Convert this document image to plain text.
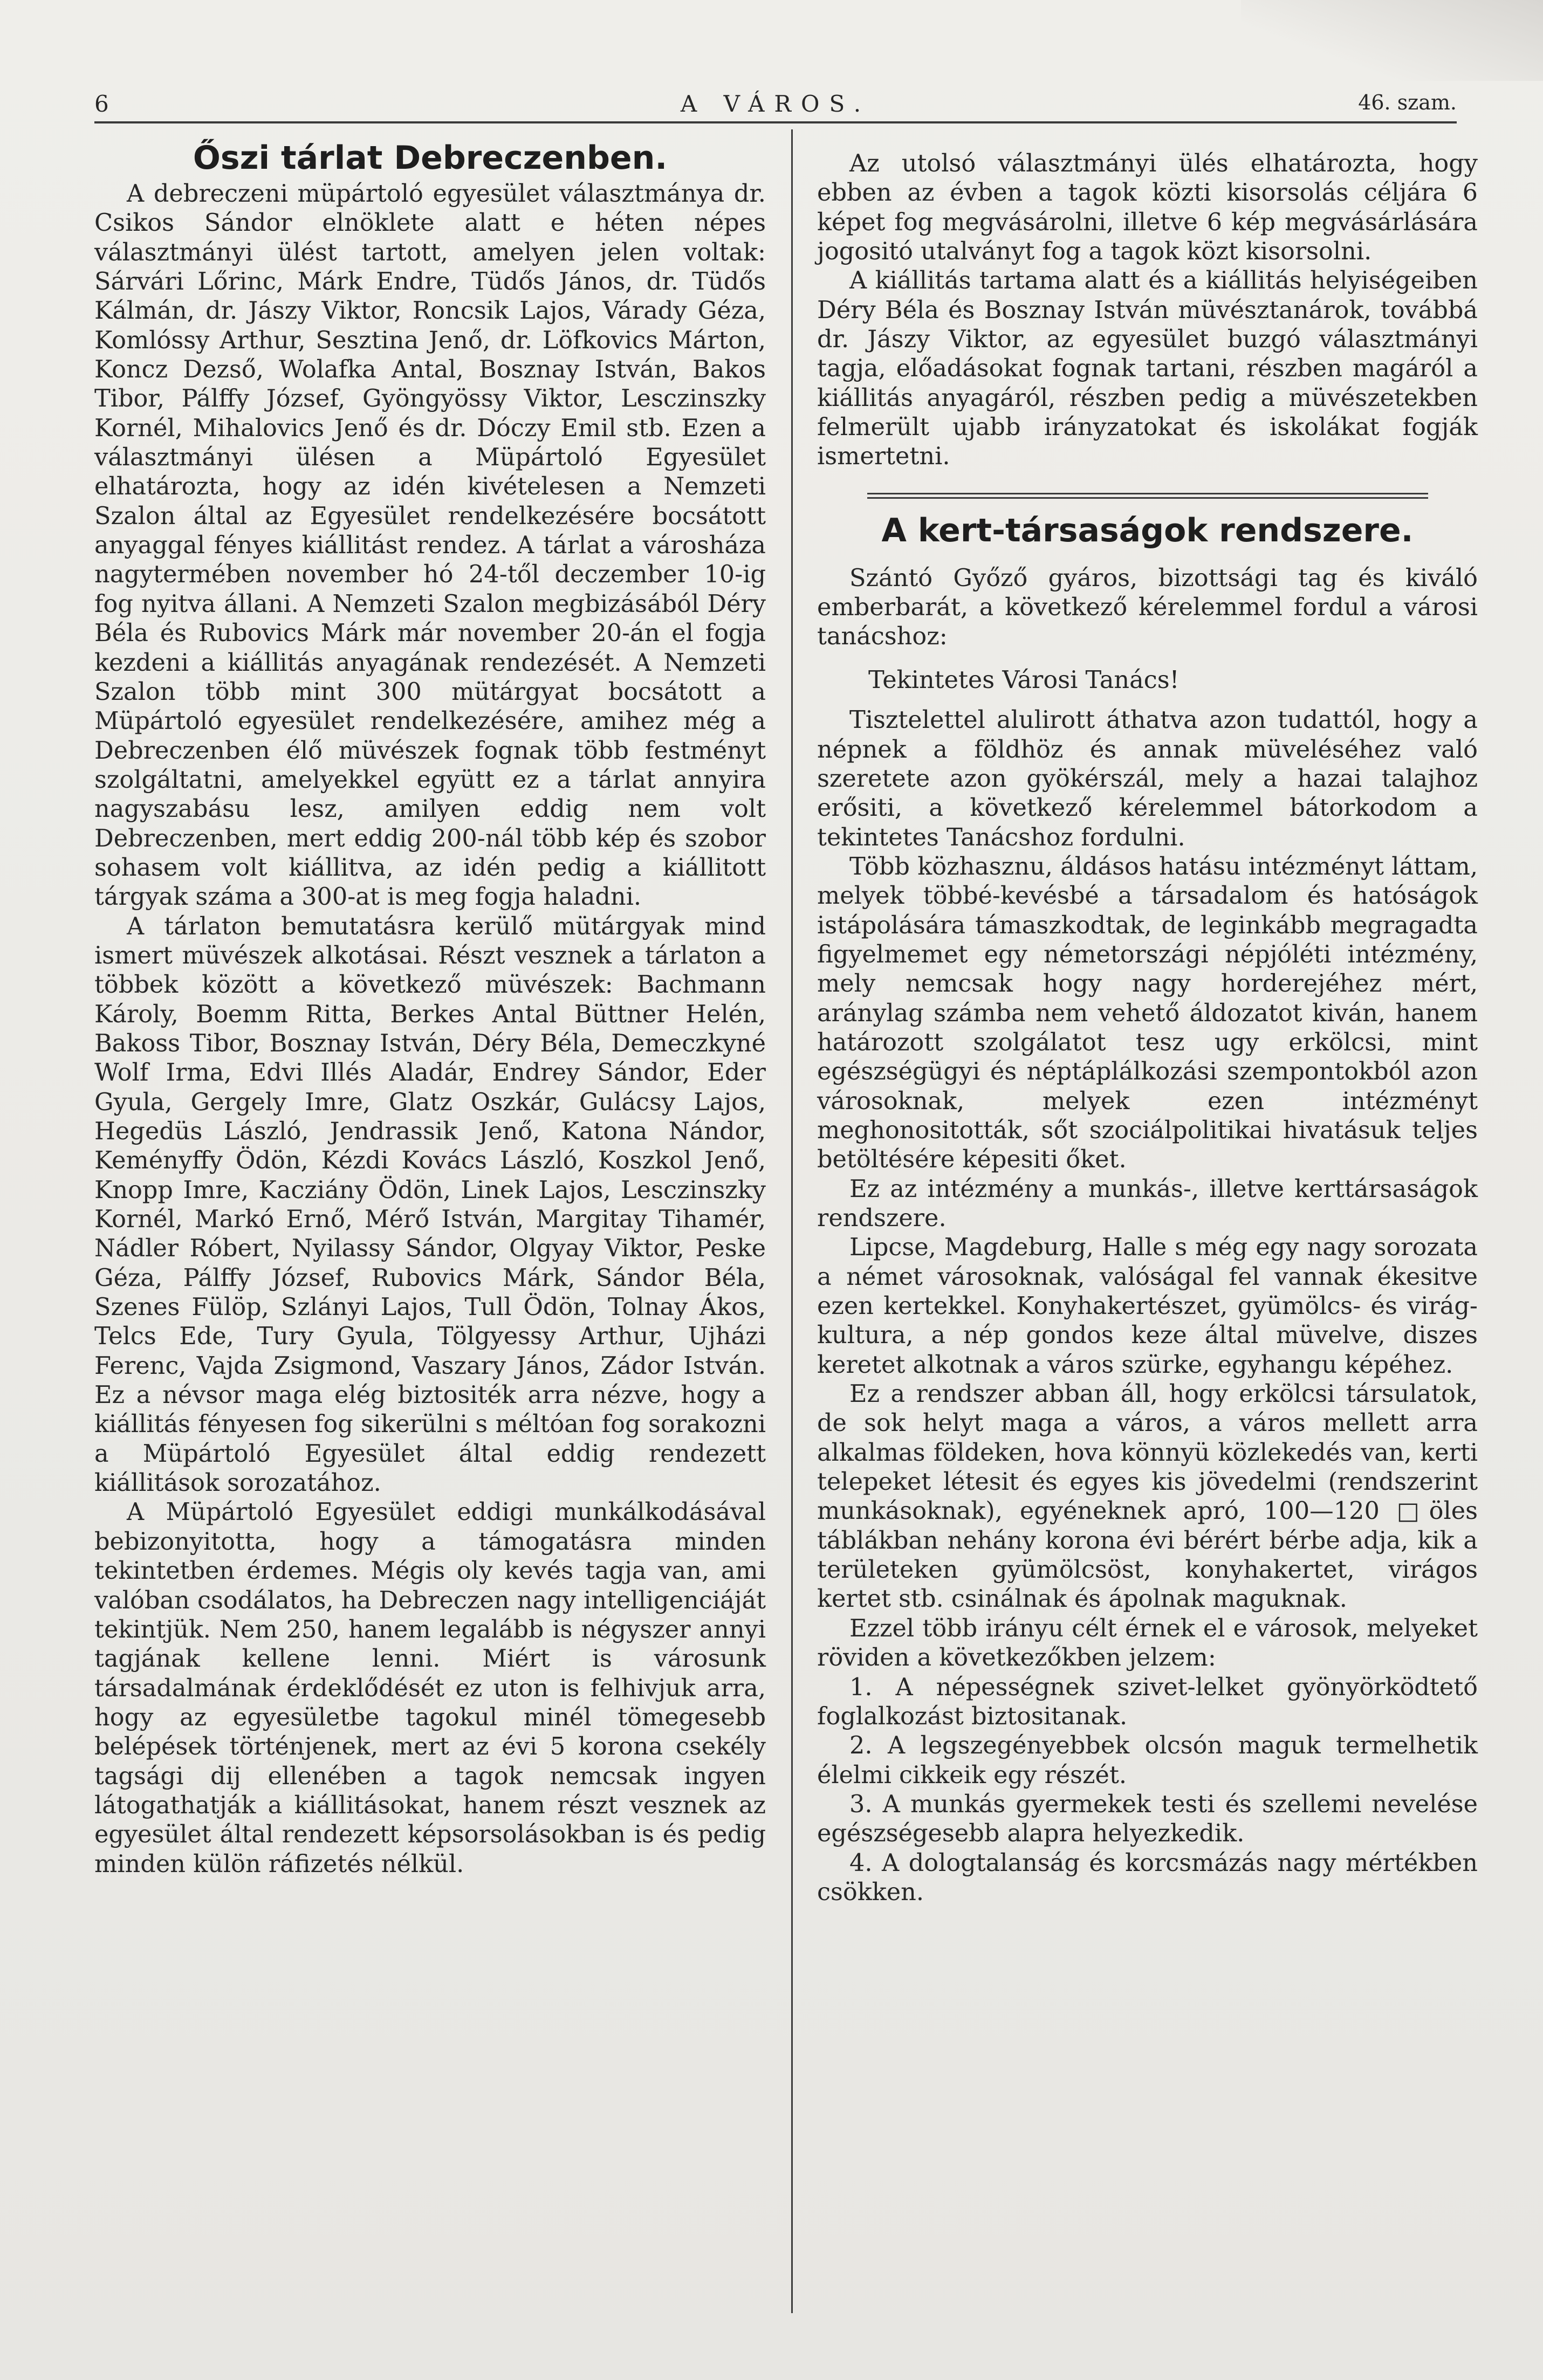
6	A VÁROS.	46. szam.
Őszi tárlat Debreczenben.

A debreczeni müpártoló egyesület választmánya dr. Csikos Sándor elnöklete alatt e héten népes választmányi ülést tartott, amelyen jelen voltak: Sárvári Lőrinc, Márk Endre, Tüdős János, dr. Tüdős Kálmán, dr. Jászy Viktor, Roncsik Lajos, Várady Géza, Komlóssy Arthur, Sesztina Jenő, dr. Löfkovics Márton, Koncz Dezső, Wolafka Antal, Bosznay István, Bakos Tibor, Pálffy József, Gyöngyössy Viktor, Lesczinszky Kornél, Mihalovics Jenő és dr. Dóczy Emil stb. Ezen a választmányi ülésen a Müpártoló Egyesület elhatározta, hogy az idén kivételesen a Nemzeti Szalon által az Egyesület rendelkezésére bocsátott anyaggal fényes kiállitást rendez. A tárlat a városháza nagytermében november hó 24-től deczember 10-ig fog nyitva állani. A Nemzeti Szalon megbizásából Déry Béla és Rubovics Márk már november 20-án el fogja kezdeni a kiállitás anyagának rendezését. A Nemzeti Szalon több mint 300 mütárgyat bocsátott a Müpártoló egyesület rendelkezésére, amihez még a Debreczenben élő müvészek fognak több festményt szolgáltatni, amelyekkel együtt ez a tárlat annyira nagyszabásu lesz, amilyen eddig nem volt Debreczenben, mert eddig 200-nál több kép és szobor sohasem volt kiállitva, az idén pedig a kiállitott tárgyak száma a 300-at is meg fogja haladni.

A tárlaton bemutatásra kerülő mütárgyak mind ismert müvészek alkotásai. Részt vesznek a tárlaton a többek között a következő müvészek: Bachmann Károly, Boemm Ritta, Berkes Antal Büttner Helén, Bakoss Tibor, Bosznay István, Déry Béla, Demeczkyné Wolf Irma, Edvi Illés Aladár, Endrey Sándor, Eder Gyula, Gergely Imre, Glatz Oszkár, Gulácsy Lajos, Hegedüs László, Jendrassik Jenő, Katona Nándor, Keményffy Ödön, Kézdi Kovács László, Koszkol Jenő, Knopp Imre, Kacziány Ödön, Linek Lajos, Lesczinszky Kornél, Markó Ernő, Mérő István, Margitay Tihamér, Nádler Róbert, Nyilassy Sándor, Olgyay Viktor, Peske Géza, Pálffy József, Rubovics Márk, Sándor Béla, Szenes Fülöp, Szlányi Lajos, Tull Ödön, Tolnay Ákos, Telcs Ede, Tury Gyula, Tölgyessy Arthur, Ujházi Ferenc, Vajda Zsigmond, Vaszary János, Zádor István. Ez a névsor maga elég biztositék arra nézve, hogy a kiállitás fényesen fog sikerülni s méltóan fog sorakozni a Müpártoló Egyesület által eddig rendezett kiállitások sorozatához.

A Müpártoló Egyesület eddigi munkálkodásával bebizonyitotta, hogy a támogatásra minden tekintetben érdemes. Mégis oly kevés tagja van, ami valóban csodálatos, ha Debreczen nagy intelligenciáját tekintjük. Nem 250, hanem legalább is négyszer annyi tagjának kellene lenni. Miért is városunk társadalmának érdeklődését ez uton is felhivjuk arra, hogy az egyesületbe tagokul minél tömegesebb belépések történjenek, mert az évi 5 korona csekély tagsági dij ellenében a tagok nemcsak ingyen látogathatják a kiállitásokat, hanem részt vesznek az egyesület által rendezett képsorsolásokban is és pedig minden külön ráfizetés nélkül.

Az utolsó választmányi ülés elhatározta, hogy ebben az évben a tagok közti kisorsolás céljára 6 képet fog megvásárolni, illetve 6 kép megvásárlására jogositó utalványt fog a tagok közt kisorsolni.

A kiállitás tartama alatt és a kiállitás helyiségeiben Déry Béla és Bosznay István müvésztanárok, továbbá dr. Jászy Viktor, az egyesület buzgó választmányi tagja, előadásokat fognak tartani, részben magáról a kiállitás anyagáról, részben pedig a müvészetekben felmerült ujabb irányzatokat és iskolákat fogják ismertetni.

A kert-társaságok rendszere.

Szántó Győző gyáros, bizottsági tag és kiváló emberbarát, a következő kérelemmel fordul a városi tanácshoz:

Tekintetes Városi Tanács!

Tisztelettel alulirott áthatva azon tudattól, hogy a népnek a földhöz és annak müveléséhez való szeretete azon gyökérszál, mely a hazai talajhoz erősiti, a következő kérelemmel bátorkodom a tekintetes Tanácshoz fordulni.

Több közhasznu, áldásos hatásu intézményt láttam, melyek többé-kevésbé a társadalom és hatóságok istápolására támaszkodtak, de leginkább megragadta figyelmemet egy németországi népjóléti intézmény, mely nemcsak hogy nagy horderejéhez mért, aránylag számba nem vehető áldozatot kiván, hanem határozott szolgálatot tesz ugy erkölcsi, mint egészségügyi és néptáplálkozási szempontokból azon városoknak, melyek ezen intézményt meghonositották, sőt szociálpolitikai hivatásuk teljes betöltésére képesiti őket.

Ez az intézmény a munkás-, illetve kerttársaságok rendszere.

Lipcse, Magdeburg, Halle s még egy nagy sorozata a német városoknak, valóságal fel vannak ékesitve ezen kertekkel. Konyhakertészet, gyümölcs- és virág-kultura, a nép gondos keze által müvelve, diszes keretet alkotnak a város szürke, egyhangu képéhez.

Ez a rendszer abban áll, hogy erkölcsi társulatok, de sok helyt maga a város, a város mellett arra alkalmas földeken, hova könnyü közlekedés van, kerti telepeket létesit és egyes kis jövedelmi (rendszerint munkásoknak), egyéneknek apró, 100—120 □öles táblákban nehány korona évi bérért bérbe adja, kik a területeken gyümölcsöst, konyhakertet, virágos kertet stb. csinálnak és ápolnak maguknak.

Ezzel több irányu célt érnek el e városok, melyeket röviden a következőkben jelzem:

1. A népességnek szivet-lelket gyönyörködtető foglalkozást biztositanak.

2. A legszegényebbek olcsón maguk termelhetik élelmi cikkeik egy részét.

3. A munkás gyermekek testi és szellemi nevelése egészségesebb alapra helyezkedik.

4. A dologtalanság és korcsmázás nagy mértékben csökken.
